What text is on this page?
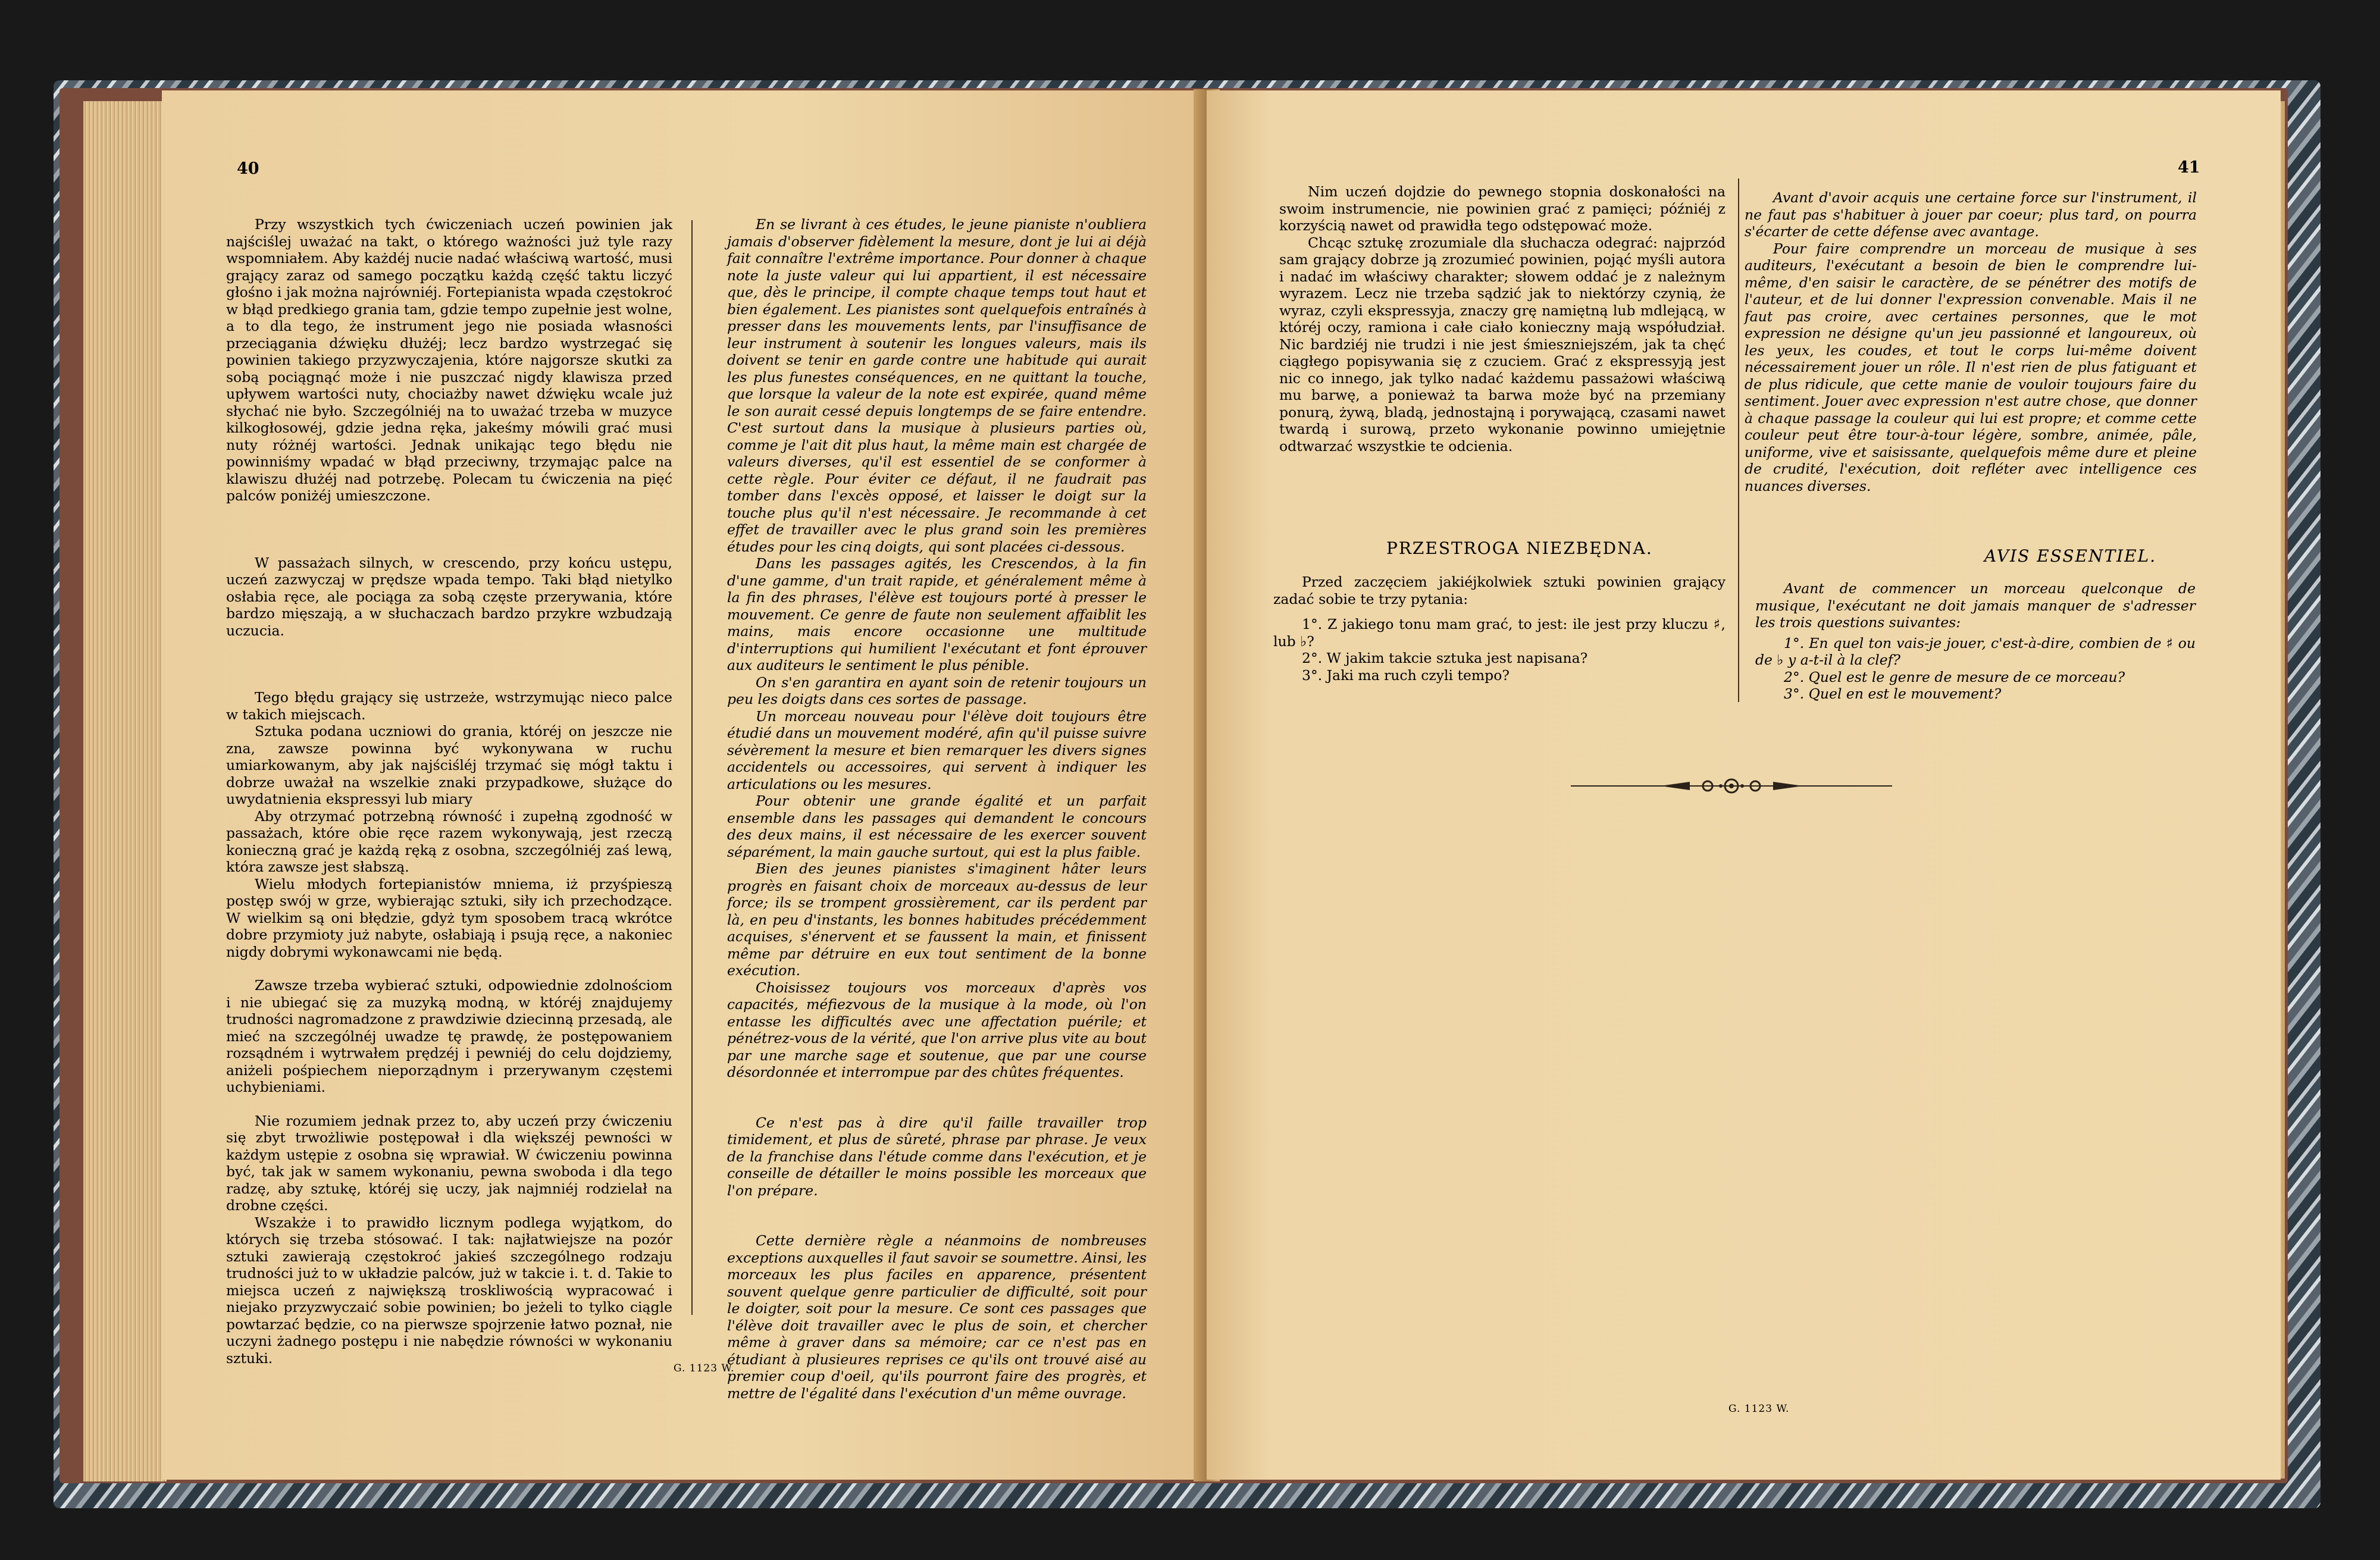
40

Przy wszystkich tych ćwiczeniach uczeń powinien jak najściślej uważać na takt, o którego ważności już tyle razy wspomniałem. Aby każdéj nucie nadać właściwą wartość, musi grający zaraz od samego początku każdą część taktu liczyć głośno i jak można najrówniéj. Fortepianista wpada częstokroć w błąd predkiego grania tam, gdzie tempo zupełnie jest wolne, a to dla tego, że instrument jego nie posiada własności przeciągania dźwięku dłużéj; lecz bardzo wystrzegać się powinien takiego przyzwyczajenia, które najgorsze skutki za sobą pociągnąć może i nie puszczać nigdy klawisza przed upływem wartości nuty, chociażby nawet dźwięku wcale już słychać nie było. Szczególniéj na to uważać trzeba w muzyce kilkogłosowéj, gdzie jedna ręka, jakeśmy mówili grać musi nuty różnéj wartości. Jednak unikając tego błędu nie powinniśmy wpadać w błąd przeciwny, trzymając palce na klawiszu dłużéj nad potrzebę. Polecam tu ćwiczenia na pięć palców poniżéj umieszczone.

W passażach silnych, w crescendo, przy końcu ustępu, uczeń zazwyczaj w prędsze wpada tempo. Taki błąd nietylko osłabia ręce, ale pociąga za sobą częste przerywania, które bardzo mięszają, a w słuchaczach bardzo przykre wzbudzają uczucia.

Tego błędu grający się ustrzeże, wstrzymując nieco palce w takich miejscach.

Sztuka podana uczniowi do grania, któréj on jeszcze nie zna, zawsze powinna być wykonywana w ruchu umiarkowanym, aby jak najściśléj trzymać się mógł taktu i dobrze uważał na wszelkie znaki przypadkowe, służące do uwydatnienia ekspressyi lub miary

Aby otrzymać potrzebną równość i zupełną zgodność w passażach, które obie ręce razem wykonywają, jest rzeczą konieczną grać je każdą ręką z osobna, szczególniéj zaś lewą, która zawsze jest słabszą.

Wielu młodych fortepianistów mniema, iż przyśpieszą postęp swój w grze, wybierając sztuki, siły ich przechodzące. W wielkim są oni błędzie, gdyż tym sposobem tracą wkrótce dobre przymioty już nabyte, osłabiają i psują ręce, a nakoniec nigdy dobrymi wykonawcami nie będą.

Zawsze trzeba wybierać sztuki, odpowiednie zdolnościom i nie ubiegać się za muzyką modną, w któréj znajdujemy trudności nagromadzone z prawdziwie dziecinną przesadą, ale mieć na szczególnéj uwadze tę prawdę, że postępowaniem rozsądném i wytrwałem prędzéj i pewniéj do celu dojdziemy, aniżeli pośpiechem nieporządnym i przerywanym częstemi uchybieniami.

Nie rozumiem jednak przez to, aby uczeń przy ćwiczeniu się zbyt trwożliwie postępował i dla większéj pewności w każdym ustępie z osobna się wprawiał. W ćwiczeniu powinna być, tak jak w samem wykonaniu, pewna swoboda i dla tego radzę, aby sztukę, któréj się uczy, jak najmniéj rodzielał na drobne części.

Wszakże i to prawidło licznym podlega wyjątkom, do których się trzeba stósować. I tak: najłatwiejsze na pozór sztuki zawierają częstokroć jakieś szczególnego rodzaju trudności już to w układzie palców, już w takcie i. t. d. Takie to miejsca uczeń z największą troskliwością wypracować i niejako przyzwyczaić sobie powinien; bo jeżeli to tylko ciągle powtarzać będzie, co na pierwsze spojrzenie łatwo poznał, nie uczyni żadnego postępu i nie nabędzie równości w wykonaniu sztuki.

En se livrant à ces études, le jeune pianiste n'oubliera jamais d'observer fidèlement la mesure, dont je lui ai déjà fait connaître l'extrême importance. Pour donner à chaque note la juste valeur qui lui appartient, il est nécessaire que, dès le principe, il compte chaque temps tout haut et bien également. Les pianistes sont quelquefois entraînés à presser dans les mouvements lents, par l'insuffisance de leur instrument à soutenir les longues valeurs, mais ils doivent se tenir en garde contre une habitude qui aurait les plus funestes conséquences, en ne quittant la touche, que lorsque la valeur de la note est expirée, quand même le son aurait cessé depuis longtemps de se faire entendre. C'est surtout dans la musique à plusieurs parties où, comme je l'ait dit plus haut, la même main est chargée de valeurs diverses, qu'il est essentiel de se conformer à cette règle. Pour éviter ce défaut, il ne faudrait pas tomber dans l'excès opposé, et laisser le doigt sur la touche plus qu'il n'est nécessaire. Je recommande à cet effet de travailler avec le plus grand soin les premières études pour les cinq doigts, qui sont placées ci-dessous.

Dans les passages agités, les Crescendos, à la fin d'une gamme, d'un trait rapide, et généralement même à la fin des phrases, l'élève est toujours porté à presser le mouvement. Ce genre de faute non seulement affaiblit les mains, mais encore occasionne une multitude d'interruptions qui humilient l'exécutant et font éprouver aux auditeurs le sentiment le plus pénible.

On s'en garantira en ayant soin de retenir toujours un peu les doigts dans ces sortes de passage.

Un morceau nouveau pour l'élève doit toujours être étudié dans un mouvement modéré, afin qu'il puisse suivre sévèrement la mesure et bien remarquer les divers signes accidentels ou accessoires, qui servent à indiquer les articulations ou les mesures.

Pour obtenir une grande égalité et un parfait ensemble dans les passages qui demandent le concours des deux mains, il est nécessaire de les exercer souvent séparément, la main gauche surtout, qui est la plus faible.

Bien des jeunes pianistes s'imaginent hâter leurs progrès en faisant choix de morceaux au-dessus de leur force; ils se trompent grossièrement, car ils perdent par là, en peu d'instants, les bonnes habitudes précédemment acquises, s'énervent et se faussent la main, et finissent même par détruire en eux tout sentiment de la bonne exécution.

Choisissez toujours vos morceaux d'après vos capacités, méfiezvous de la musique à la mode, où l'on entasse les difficultés avec une affectation puérile; et pénétrez-vous de la vérité, que l'on arrive plus vite au bout par une marche sage et soutenue, que par une course désordonnée et interrompue par des chûtes fréquentes.

Ce n'est pas à dire qu'il faille travailler trop timidement, et plus de sûreté, phrase par phrase. Je veux de la franchise dans l'étude comme dans l'exécution, et je conseille de détailler le moins possible les morceaux que l'on prépare.

Cette dernière règle a néanmoins de nombreuses exceptions auxquelles il faut savoir se soumettre. Ainsi, les morceaux les plus faciles en apparence, présentent souvent quelque genre particulier de difficulté, soit pour le doigter, soit pour la mesure. Ce sont ces passages que l'élève doit travailler avec le plus de soin, et chercher même à graver dans sa mémoire; car ce n'est pas en étudiant à plusieures reprises ce qu'ils ont trouvé aisé au premier coup d'oeil, qu'ils pourront faire des progrès, et mettre de l'égalité dans l'exécution d'un même ouvrage.

G. 1123 W.
41

Nim uczeń dojdzie do pewnego stopnia doskonałości na swoim instrumencie, nie powinien grać z pamięci; późniéj z korzyścią nawet od prawidła tego odstępować może.

Chcąc sztukę zrozumiale dla słuchacza odegrać: najprzód sam grający dobrze ją zrozumieć powinien, pojąć myśli autora i nadać im właściwy charakter; słowem oddać je z należnym wyrazem. Lecz nie trzeba sądzić jak to niektórzy czynią, że wyraz, czyli ekspressyja, znaczy grę namiętną lub mdlejącą, w któréj oczy, ramiona i całe ciało konieczny mają współudział. Nic bardziéj nie trudzi i nie jest śmieszniejszém, jak ta chęć ciągłego popisywania się z czuciem. Grać z ekspressyją jest nic co innego, jak tylko nadać każdemu passażowi właściwą mu barwę, a ponieważ ta barwa może być na przemiany ponurą, żywą, bladą, jednostajną i porywającą, czasami nawet twardą i surową, przeto wykonanie powinno umiejętnie odtwarzać wszystkie te odcienia.

Avant d'avoir acquis une certaine force sur l'instrument, il ne faut pas s'habituer à jouer par coeur; plus tard, on pourra s'écarter de cette défense avec avantage.

Pour faire comprendre un morceau de musique à ses auditeurs, l'exécutant a besoin de bien le comprendre lui-même, d'en saisir le caractère, de se pénétrer des motifs de l'auteur, et de lui donner l'expression convenable. Mais il ne faut pas croire, avec certaines personnes, que le mot expression ne désigne qu'un jeu passionné et langoureux, où les yeux, les coudes, et tout le corps lui-même doivent nécessairement jouer un rôle. Il n'est rien de plus fatiguant et de plus ridicule, que cette manie de vouloir toujours faire du sentiment. Jouer avec expression n'est autre chose, que donner à chaque passage la couleur qui lui est propre; et comme cette couleur peut être tour-à-tour légère, sombre, animée, pâle, uniforme, vive et saisissante, quelquefois même dure et pleine de crudité, l'exécution, doit refléter avec intelligence ces nuances diverses.

PRZESTROGA NIEZBĘDNA.

Przed zaczęciem jakiéjkolwiek sztuki powinien grający zadać sobie te trzy pytania:

1°. Z jakiego tonu mam grać, to jest: ile jest przy kluczu ♯, lub ♭?

2°. W jakim takcie sztuka jest napisana?

3°. Jaki ma ruch czyli tempo?

AVIS ESSENTIEL.

Avant de commencer un morceau quelconque de musique, l'exécutant ne doit jamais manquer de s'adresser les trois questions suivantes:

1°. En quel ton vais-je jouer, c'est-à-dire, combien de ♯ ou de ♭ y a-t-il à la clef?

2°. Quel est le genre de mesure de ce morceau?

3°. Quel en est le mouvement?

G. 1123 W.
